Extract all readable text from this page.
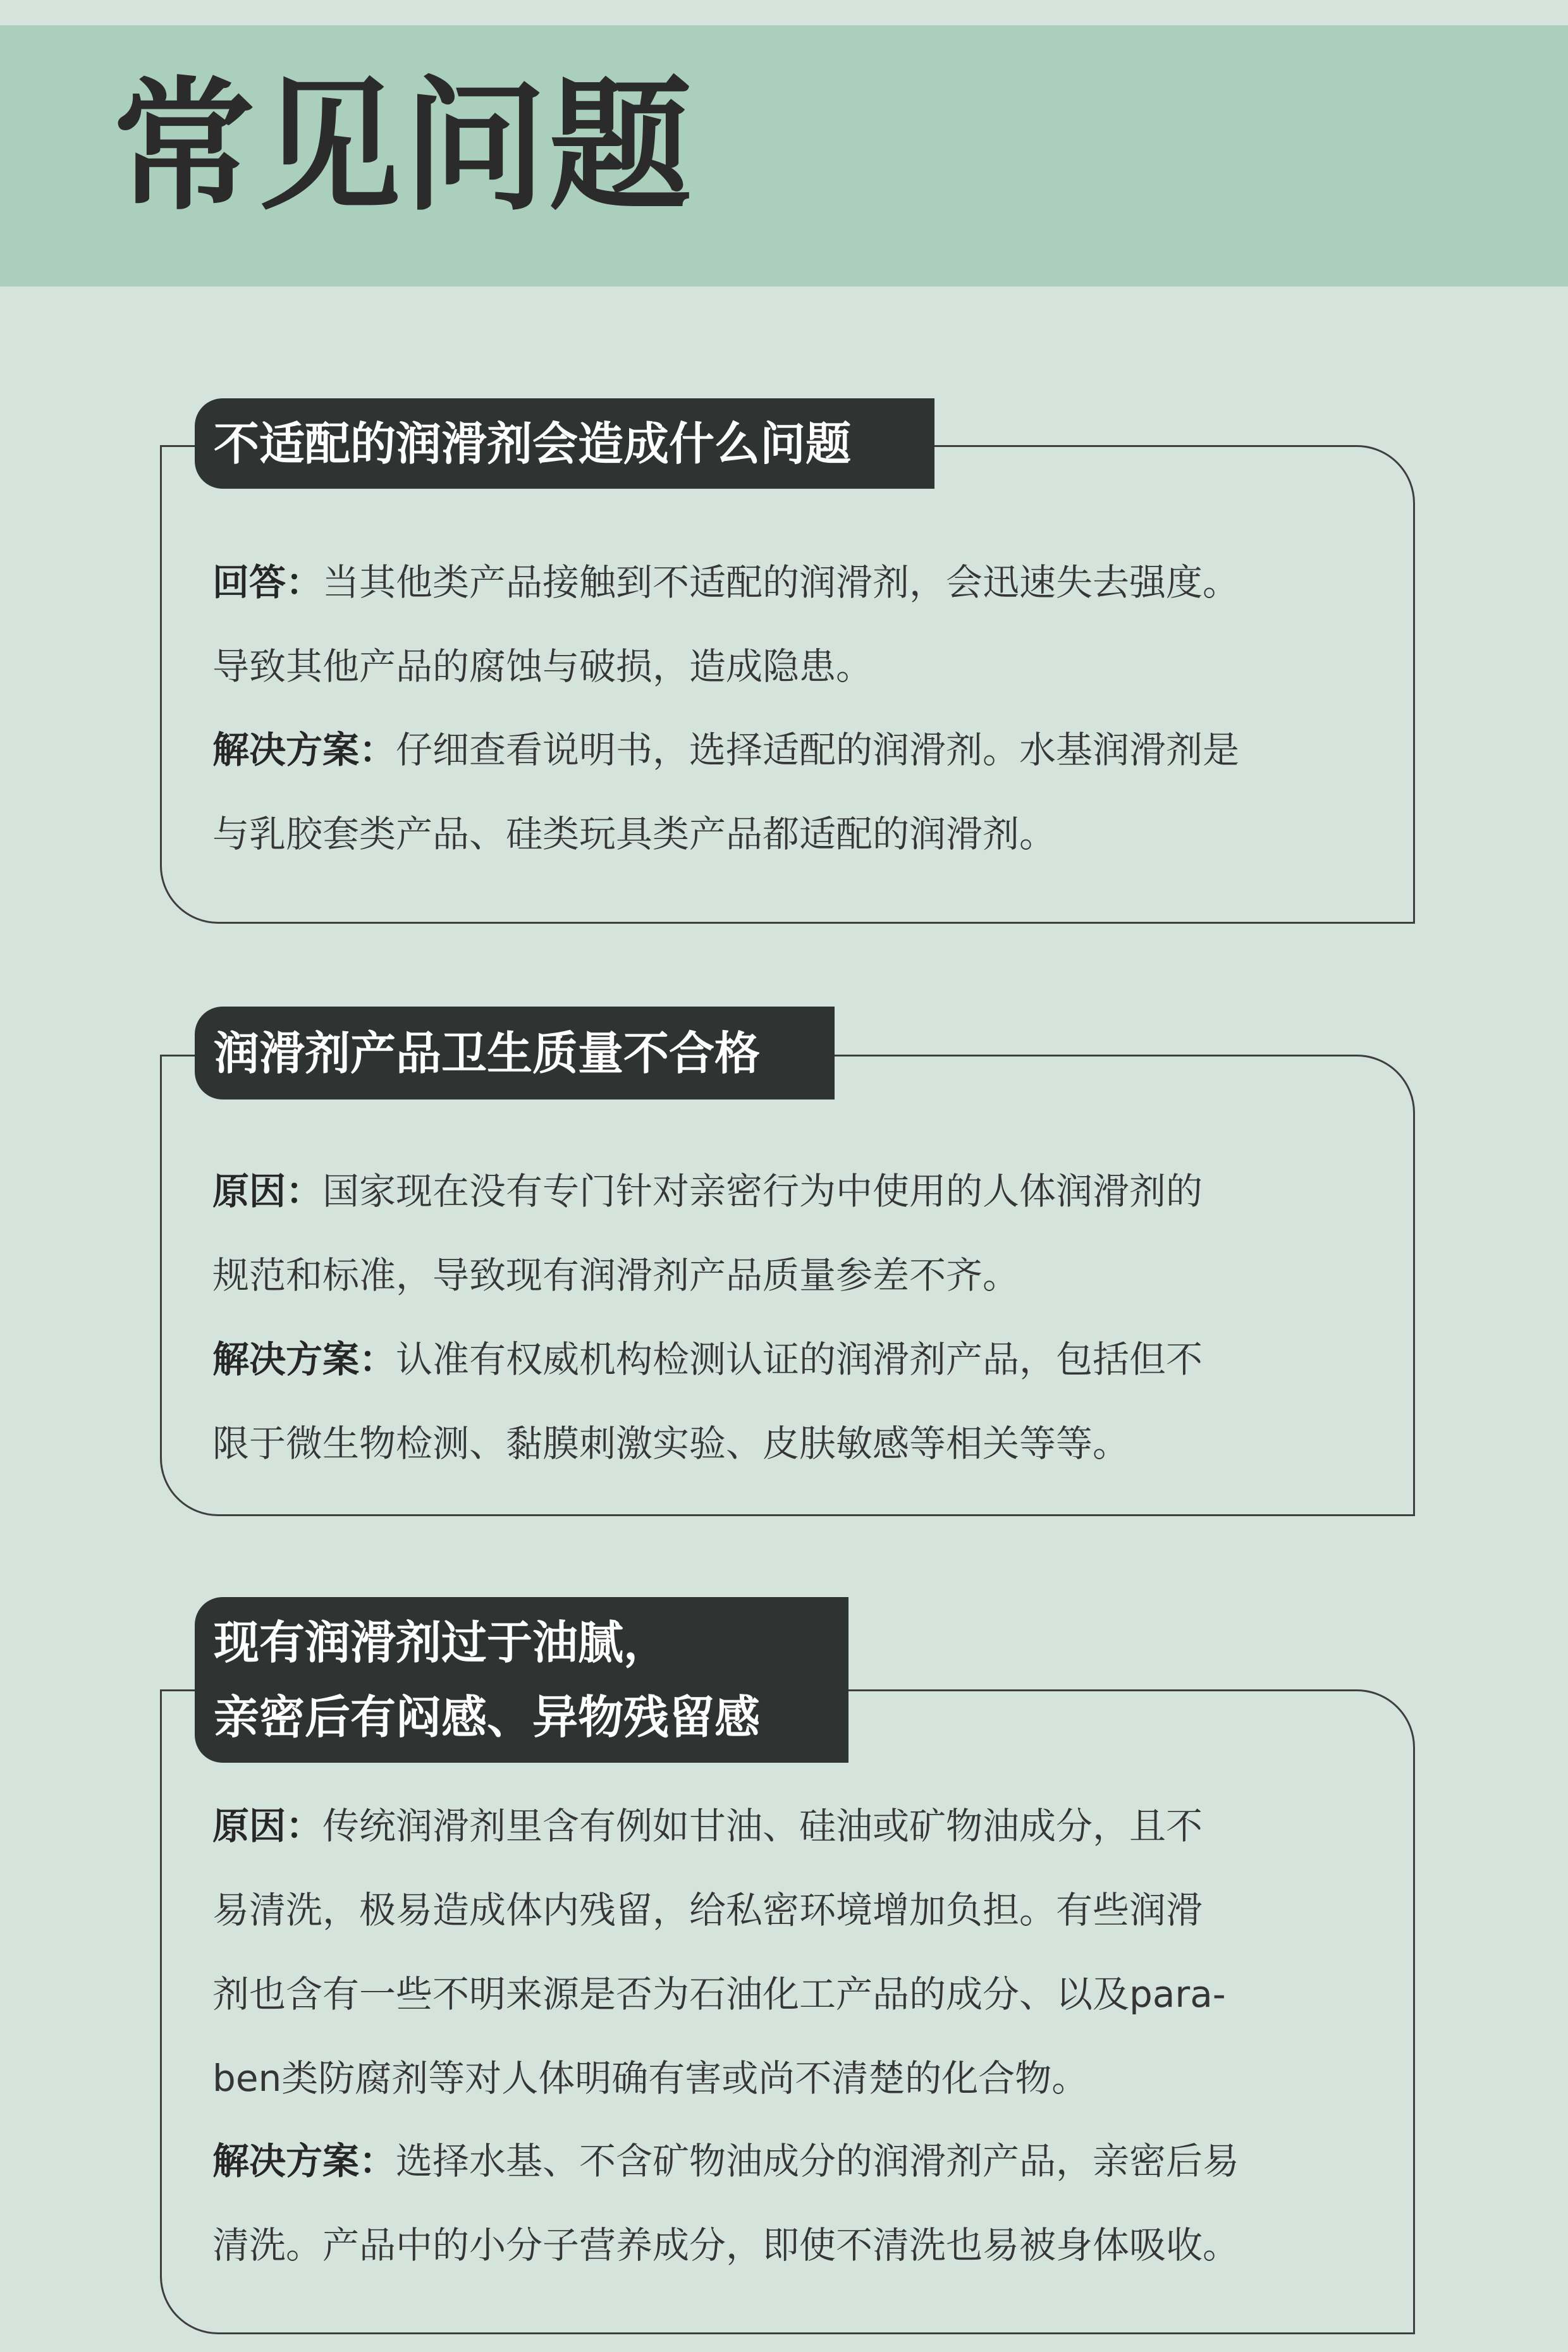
常见问题
不适配的润滑剂会造成什么问题

回答：当其他类产品接触到不适配的润滑剂，会迅速失去强度。
导致其他产品的腐蚀与破损，造成隐患。

解决方案：仔细查看说明书，选择适配的润滑剂。水基润滑剂是
与乳胶套类产品、硅类玩具类产品都适配的润滑剂。

润滑剂产品卫生质量不合格

原因：国家现在没有专门针对亲密行为中使用的人体润滑剂的
规范和标准，导致现有润滑剂产品质量参差不齐。

解决方案：认准有权威机构检测认证的润滑剂产品，包括但不
限于微生物检测、黏膜刺激实验、皮肤敏感等相关等等。

现有润滑剂过于油腻，
亲密后有闷感、异物残留感

原因：传统润滑剂里含有例如甘油、硅油或矿物油成分，且不
易清洗，极易造成体内残留，给私密环境增加负担。有些润滑
剂也含有一些不明来源是否为石油化工产品的成分、以及para-
ben类防腐剂等对人体明确有害或尚不清楚的化合物。

解决方案：选择水基、不含矿物油成分的润滑剂产品，亲密后易
清洗。产品中的小分子营养成分，即使不清洗也易被身体吸收。
